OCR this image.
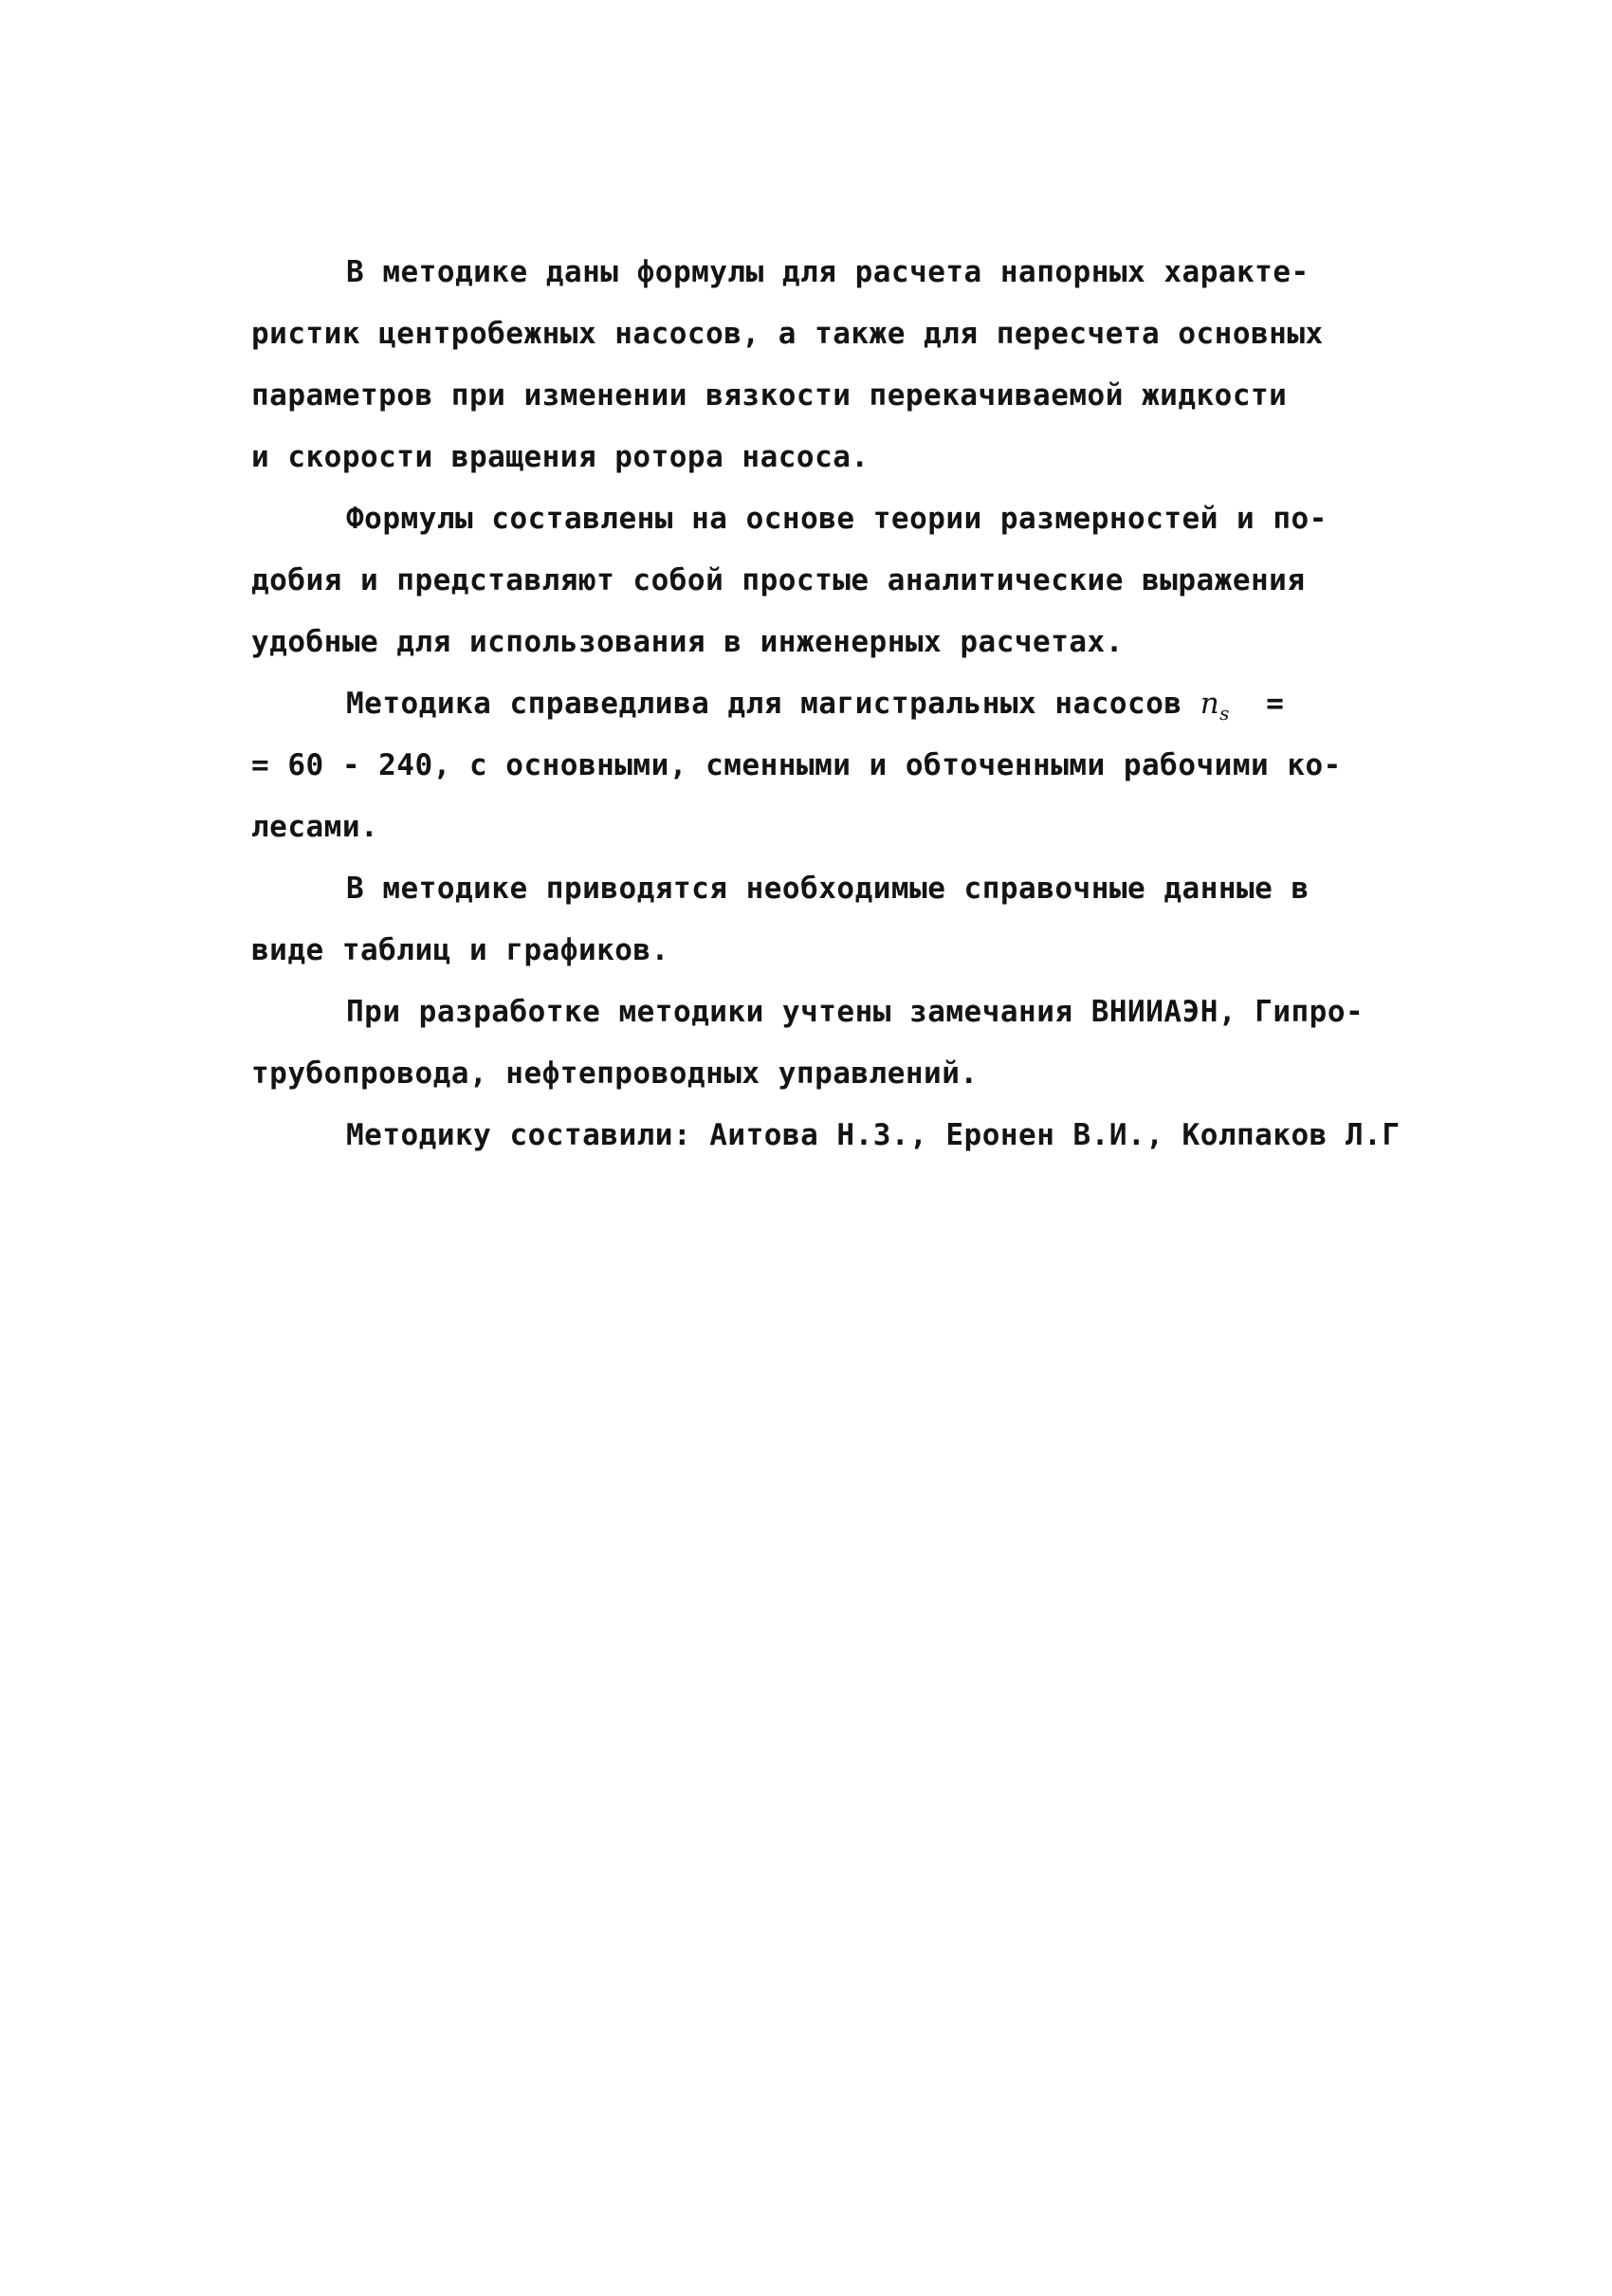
В методике даны формулы для расчета напорных характе-
ристик центробежных насосов, а также для пересчета основных
параметров при изменении вязкости перекачиваемой жидкости
и скорости вращения ротора насоса.
Формулы составлены на основе теории размерностей и по-
добия и представляют собой простые аналитические выражения
удобные для использования в инженерных расчетах.
Методика справедлива для магистральных насосов $n_s$  =
= 60 - 240, с основными, сменными и обточенными рабочими ко-
лесами.
В методике приводятся необходимые справочные данные в
виде таблиц и графиков.
При разработке методики учтены замечания ВНИИАЭН, Гипро-
трубопровода, нефтепроводных управлений.
Методику составили: Аитова Н.З., Еронен В.И., Колпаков Л.Г
